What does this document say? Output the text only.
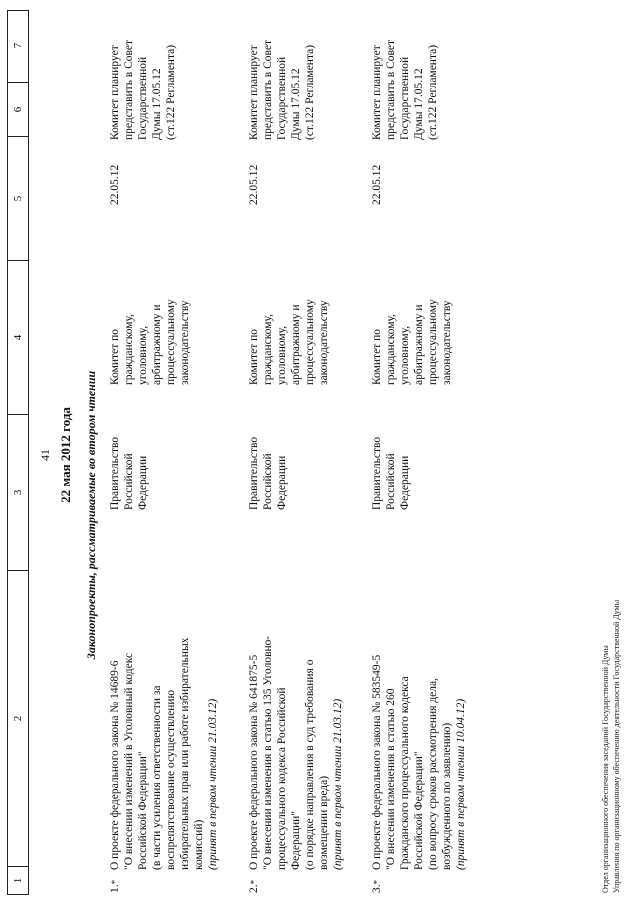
1
2
3
4
5
6
7
41 22 мая 2012 года Законопроекты, рассматриваемые во втором чтении
1.*
О проекте федерального закона № 14689-6 "О внесении изменений в Уголовный кодекс Российской Федерации" (в части усиления ответственности за воспрепятствование осуществлению избирательных прав или работе избирательных комиссий) (принят в первом чтении 21.03.12)
Правительство Российской Федерации
Комитет по гражданскому, уголовному, арбитражному и процессуальному законодательству
22.05.12
Комитет планирует представить в Совет Государственной Думы 17.05.12 (ст.122 Регламента)
2.*
О проекте федерального закона № 641875-5 "О внесении изменения в статью 135 Уголовно- процессуального кодекса Российской Федерации" (о порядке направления в суд требования о возмещении вреда) (принят в первом чтении 21.03.12)
Правительство Российской Федерации
Комитет по гражданскому, уголовному, арбитражному и процессуальному законодательству
22.05.12
Комитет планирует представить в Совет Государственной Думы 17.05.12 (ст.122 Регламента)
3.*
О проекте федерального закона № 583549-5 "О внесении изменения в статью 260 Гражданского процессуального кодекса Российской Федерации" (по вопросу сроков рассмотрения дела, возбужденного по заявлению) (принят в первом чтении 10.04.12)
Правительство Российской Федерации
Комитет по гражданскому, уголовному, арбитражному и процессуальному законодательству
22.05.12
Комитет планирует представить в Совет Государственной Думы 17.05.12 (ст.122 Регламента)
Отдел организационного обеспечения заседаний Государственной Думы Управления по организационному обеспечению деятельности Государственной Думы
